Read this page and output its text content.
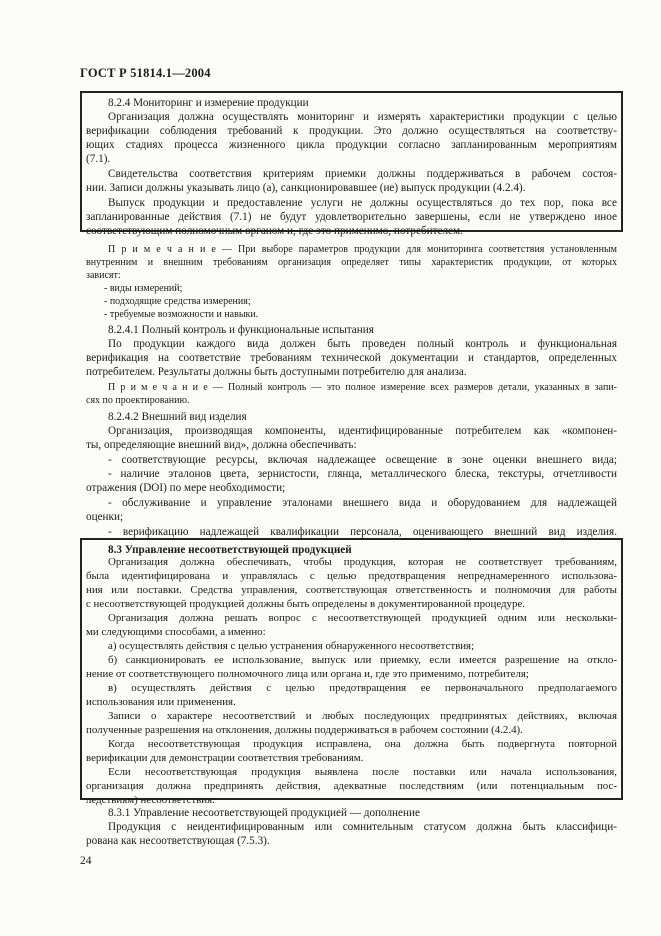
ГОСТ Р 51814.1—2004
8.2.4 Мониторинг и измерение продукции
Организация должна осуществлять мониторинг и измерять характеристики продукции с целью
верификации соблюдения требований к продукции. Это должно осуществляться на соответству-
ющих стадиях процесса жизненного цикла продукции согласно запланированным мероприятиям
(7.1).
Свидетельства соответствия критериям приемки должны поддерживаться в рабочем состоя-
нии. Записи должны указывать лицо (а), санкционировавшее (ие) выпуск продукции (4.2.4).
Выпуск продукции и предоставление услуги не должны осуществляться до тех пор, пока все
запланированные действия (7.1) не будут удовлетворительно завершены, если не утверждено иное
соответствующим полномочным органом и, где это применимо, потребителем.
П р и м е ч а н и е — При выборе параметров продукции для мониторинга соответствия установленным
внутренним и внешним требованиям организация определяет типы характеристик продукции, от которых
зависят:
- виды измерений;
- подходящие средства измерения;
- требуемые возможности и навыки.
8.2.4.1 Полный контроль и функциональные испытания
По продукции каждого вида должен быть проведен полный контроль и функциональная
верификация на соответствие требованиям технической документации и стандартов, определенных
потребителем. Результаты должны быть доступными потребителю для анализа.
П р и м е ч а н и е — Полный контроль — это полное измерение всех размеров детали, указанных в запи-
сях по проектированию.
8.2.4.2 Внешний вид изделия
Организация, производящая компоненты, идентифицированные потребителем как «компонен-
ты, определяющие внешний вид», должна обеспечивать:
- соответствующие ресурсы, включая надлежащее освещение в зоне оценки внешнего вида;
- наличие эталонов цвета, зернистости, глянца, металлического блеска, текстуры, отчетливости
отражения (DOI) по мере необходимости;
- обслуживание и управление эталонами внешнего вида и оборудованием для надлежащей
оценки;
- верификацию надлежащей квалификации персонала, оценивающего внешний вид изделия.
8.3 Управление несоответствующей продукцией
Организация должна обеспечивать, чтобы продукция, которая не соответствует требованиям,
была идентифицирована и управлялась с целью предотвращения непреднамеренного использова-
ния или поставки. Средства управления, соответствующая ответственность и полномочия для работы
с несоответствующей продукцией должны быть определены в документированной процедуре.
Организация должна решать вопрос с несоответствующей продукцией одним или нескольки-
ми следующими способами, а именно:
а) осуществлять действия с целью устранения обнаруженного несоответствия;
б) санкционировать ее использование, выпуск или приемку, если имеется разрешение на откло-
нение от соответствующего полномочного лица или органа и, где это применимо, потребителя;
в) осуществлять действия с целью предотвращения ее первоначального предполагаемого
использования или применения.
Записи о характере несоответствий и любых последующих предпринятых действиях, включая
полученные разрешения на отклонения, должны поддерживаться в рабочем состоянии (4.2.4).
Когда несоответствующая продукция исправлена, она должна быть подвергнута повторной
верификации для демонстрации соответствия требованиям.
Если несоответствующая продукция выявлена после поставки или начала использования,
организация должна предпринять действия, адекватные последствиям (или потенциальным пос-
ледствиям) несоответствия.
8.3.1 Управление несоответствующей продукцией — дополнение
Продукция с неидентифицированным или сомнительным статусом должна быть классифици-
рована как несоответствующая (7.5.3).
24
